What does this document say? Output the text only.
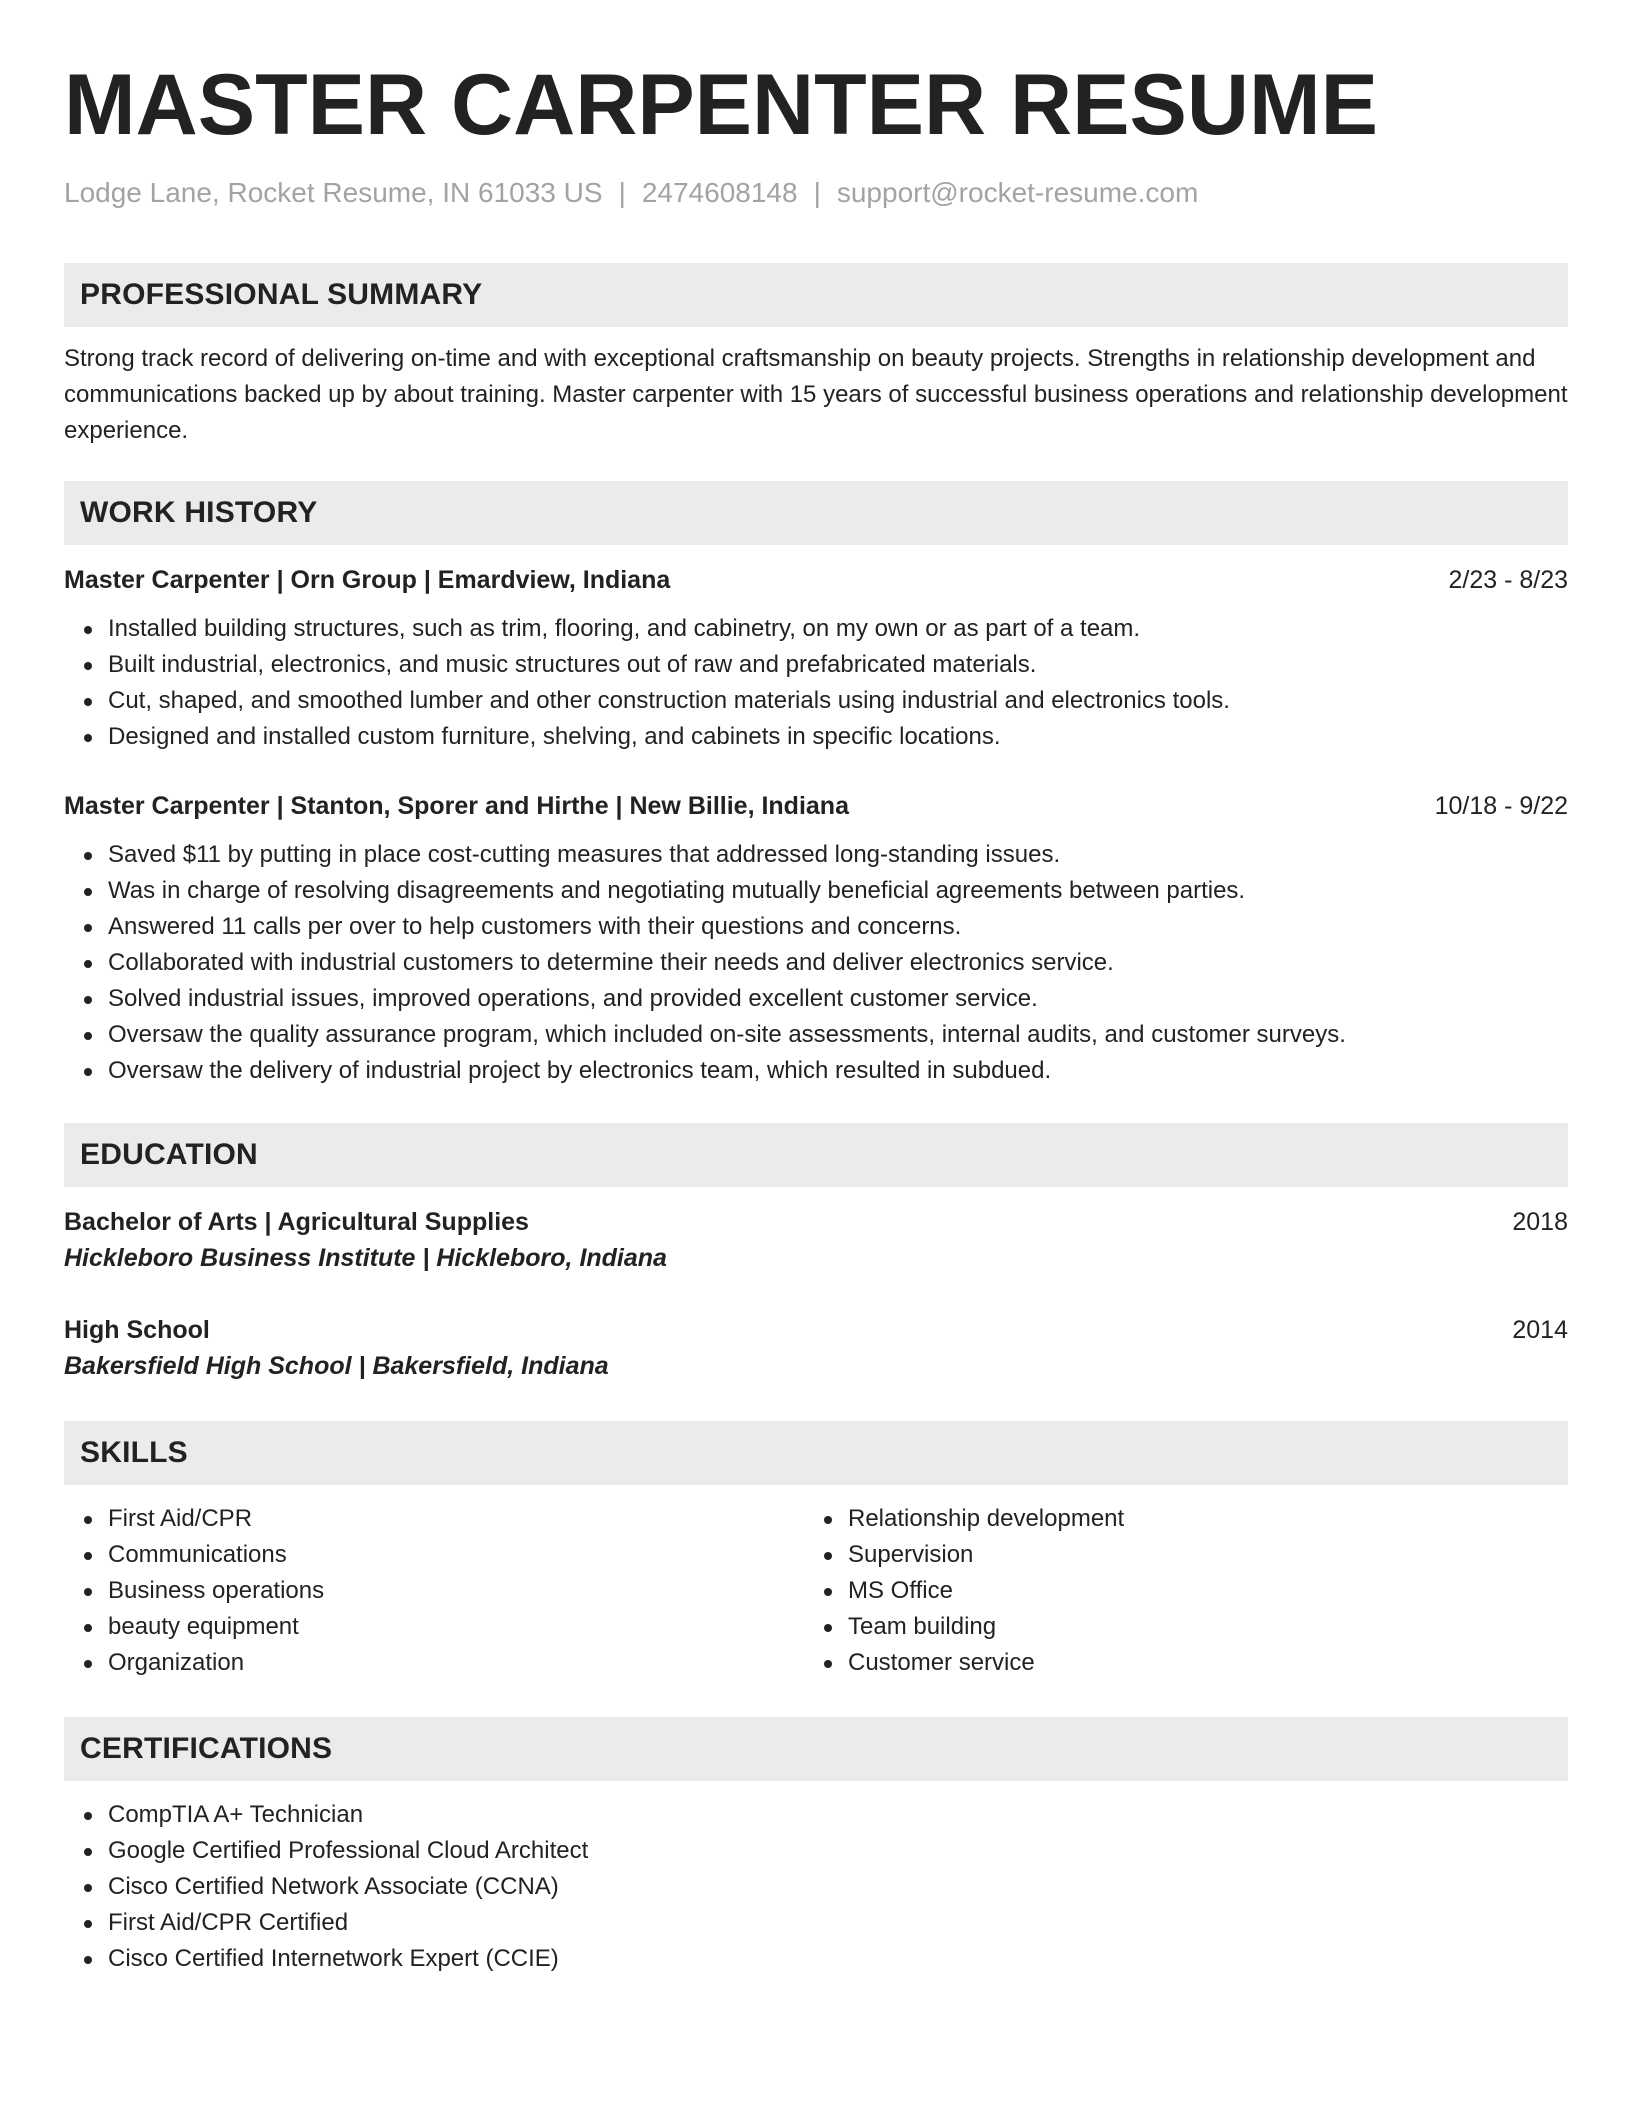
MASTER CARPENTER RESUME
Lodge Lane, Rocket Resume, IN 61033 US | 2474608148 | support@rocket-resume.com
PROFESSIONAL SUMMARY
Strong track record of delivering on-time and with exceptional craftsmanship on beauty projects. Strengths in relationship development and communications backed up by about training. Master carpenter with 15 years of successful business operations and relationship development experience.
WORK HISTORY
Master Carpenter | Orn Group | Emardview, Indiana	2/23 - 8/23
Installed building structures, such as trim, flooring, and cabinetry, on my own or as part of a team.
Built industrial, electronics, and music structures out of raw and prefabricated materials.
Cut, shaped, and smoothed lumber and other construction materials using industrial and electronics tools.
Designed and installed custom furniture, shelving, and cabinets in specific locations.
Master Carpenter | Stanton, Sporer and Hirthe | New Billie, Indiana	10/18 - 9/22
Saved $11 by putting in place cost-cutting measures that addressed long-standing issues.
Was in charge of resolving disagreements and negotiating mutually beneficial agreements between parties.
Answered 11 calls per over to help customers with their questions and concerns.
Collaborated with industrial customers to determine their needs and deliver electronics service.
Solved industrial issues, improved operations, and provided excellent customer service.
Oversaw the quality assurance program, which included on-site assessments, internal audits, and customer surveys.
Oversaw the delivery of industrial project by electronics team, which resulted in subdued.
EDUCATION
Bachelor of Arts | Agricultural Supplies	2018
Hickleboro Business Institute | Hickleboro, Indiana
High School	2014
Bakersfield High School | Bakersfield, Indiana
SKILLS
First Aid/CPR
Communications
Business operations
beauty equipment
Organization
Relationship development
Supervision
MS Office
Team building
Customer service
CERTIFICATIONS
CompTIA A+ Technician
Google Certified Professional Cloud Architect
Cisco Certified Network Associate (CCNA)
First Aid/CPR Certified
Cisco Certified Internetwork Expert (CCIE)
